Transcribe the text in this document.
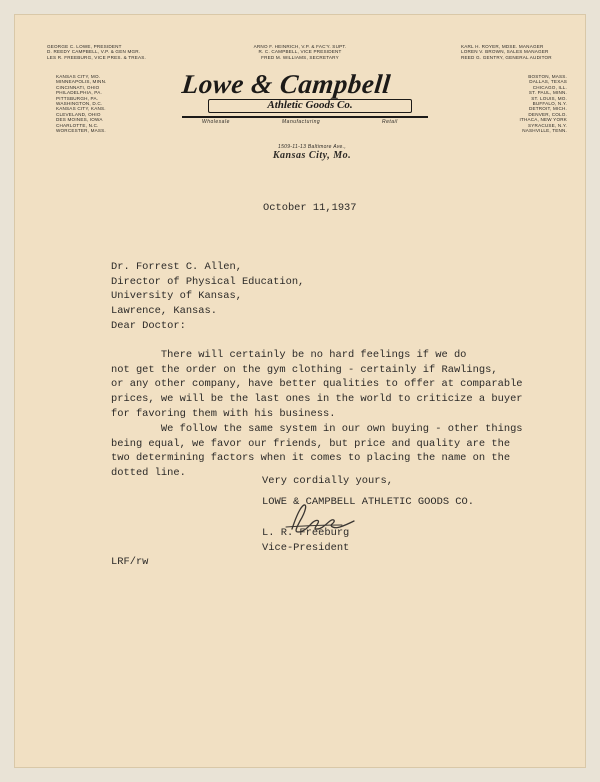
GEORGE C. LOWE, PRESIDENT
D. REEDY CAMPBELL, V.P. & GEN MGR.
LES R. FREEBURG, VICE PRES. & TREAS.
ARNO F. HEINRICH, V.P. & FAC'Y. SUPT.
R. C. CAMPBELL, VICE PRESIDENT
FRED M. WILLIAMS, SECRETARY
KARL H. ROYER, MDSE. MANAGER
LOREN V. BROWN, SALES MANAGER
REED G. GENTRY, GENERAL AUDITOR
KANSAS CITY, MO.
MINNEAPOLIS, MINN.
CINCINNATI, OHIO
PHILADELPHIA, PA.
PITTSBURGH, PA.
WASHINGTON, D.C.
KANSAS CITY, KANS.
CLEVELAND, OHIO
DES MOINES, IOWA
CHARLOTTE, N.C.
WORCESTER, MASS.
BOSTON, MASS.
DALLAS, TEXAS
CHICAGO, ILL.
ST. PAUL, MINN.
ST. LOUIS, MO.
BUFFALO, N.Y.
DETROIT, MICH.
DENVER, COLO.
ITHACA, NEW YORK
SYRACUSE, N.Y.
NASHVILLE, TENN.
Lowe & Campbell
Athletic Goods Co.
Wholesale	Manufacturing	Retail
1509-11-13 Baltimore Ave.,
Kansas City, Mo.
October 11,1937
Dr. Forrest C. Allen,
Director of Physical Education,
University of Kansas,
Lawrence, Kansas.
Dear Doctor:
There will certainly be no hard feelings if we do
not get the order on the gym clothing - certainly if Rawlings,
or any other company, have better qualities to offer at comparable
prices, we will be the last ones in the world to criticize a buyer
for favoring them with his business.
We follow the same system in our own buying - other things
being equal, we favor our friends, but price and quality are the
two determining factors when it comes to placing the name on the
dotted line.
Very cordially yours,
LOWE & CAMPBELL ATHLETIC GOODS CO.
L. R. Freeburg
Vice-President
LRF/rw
